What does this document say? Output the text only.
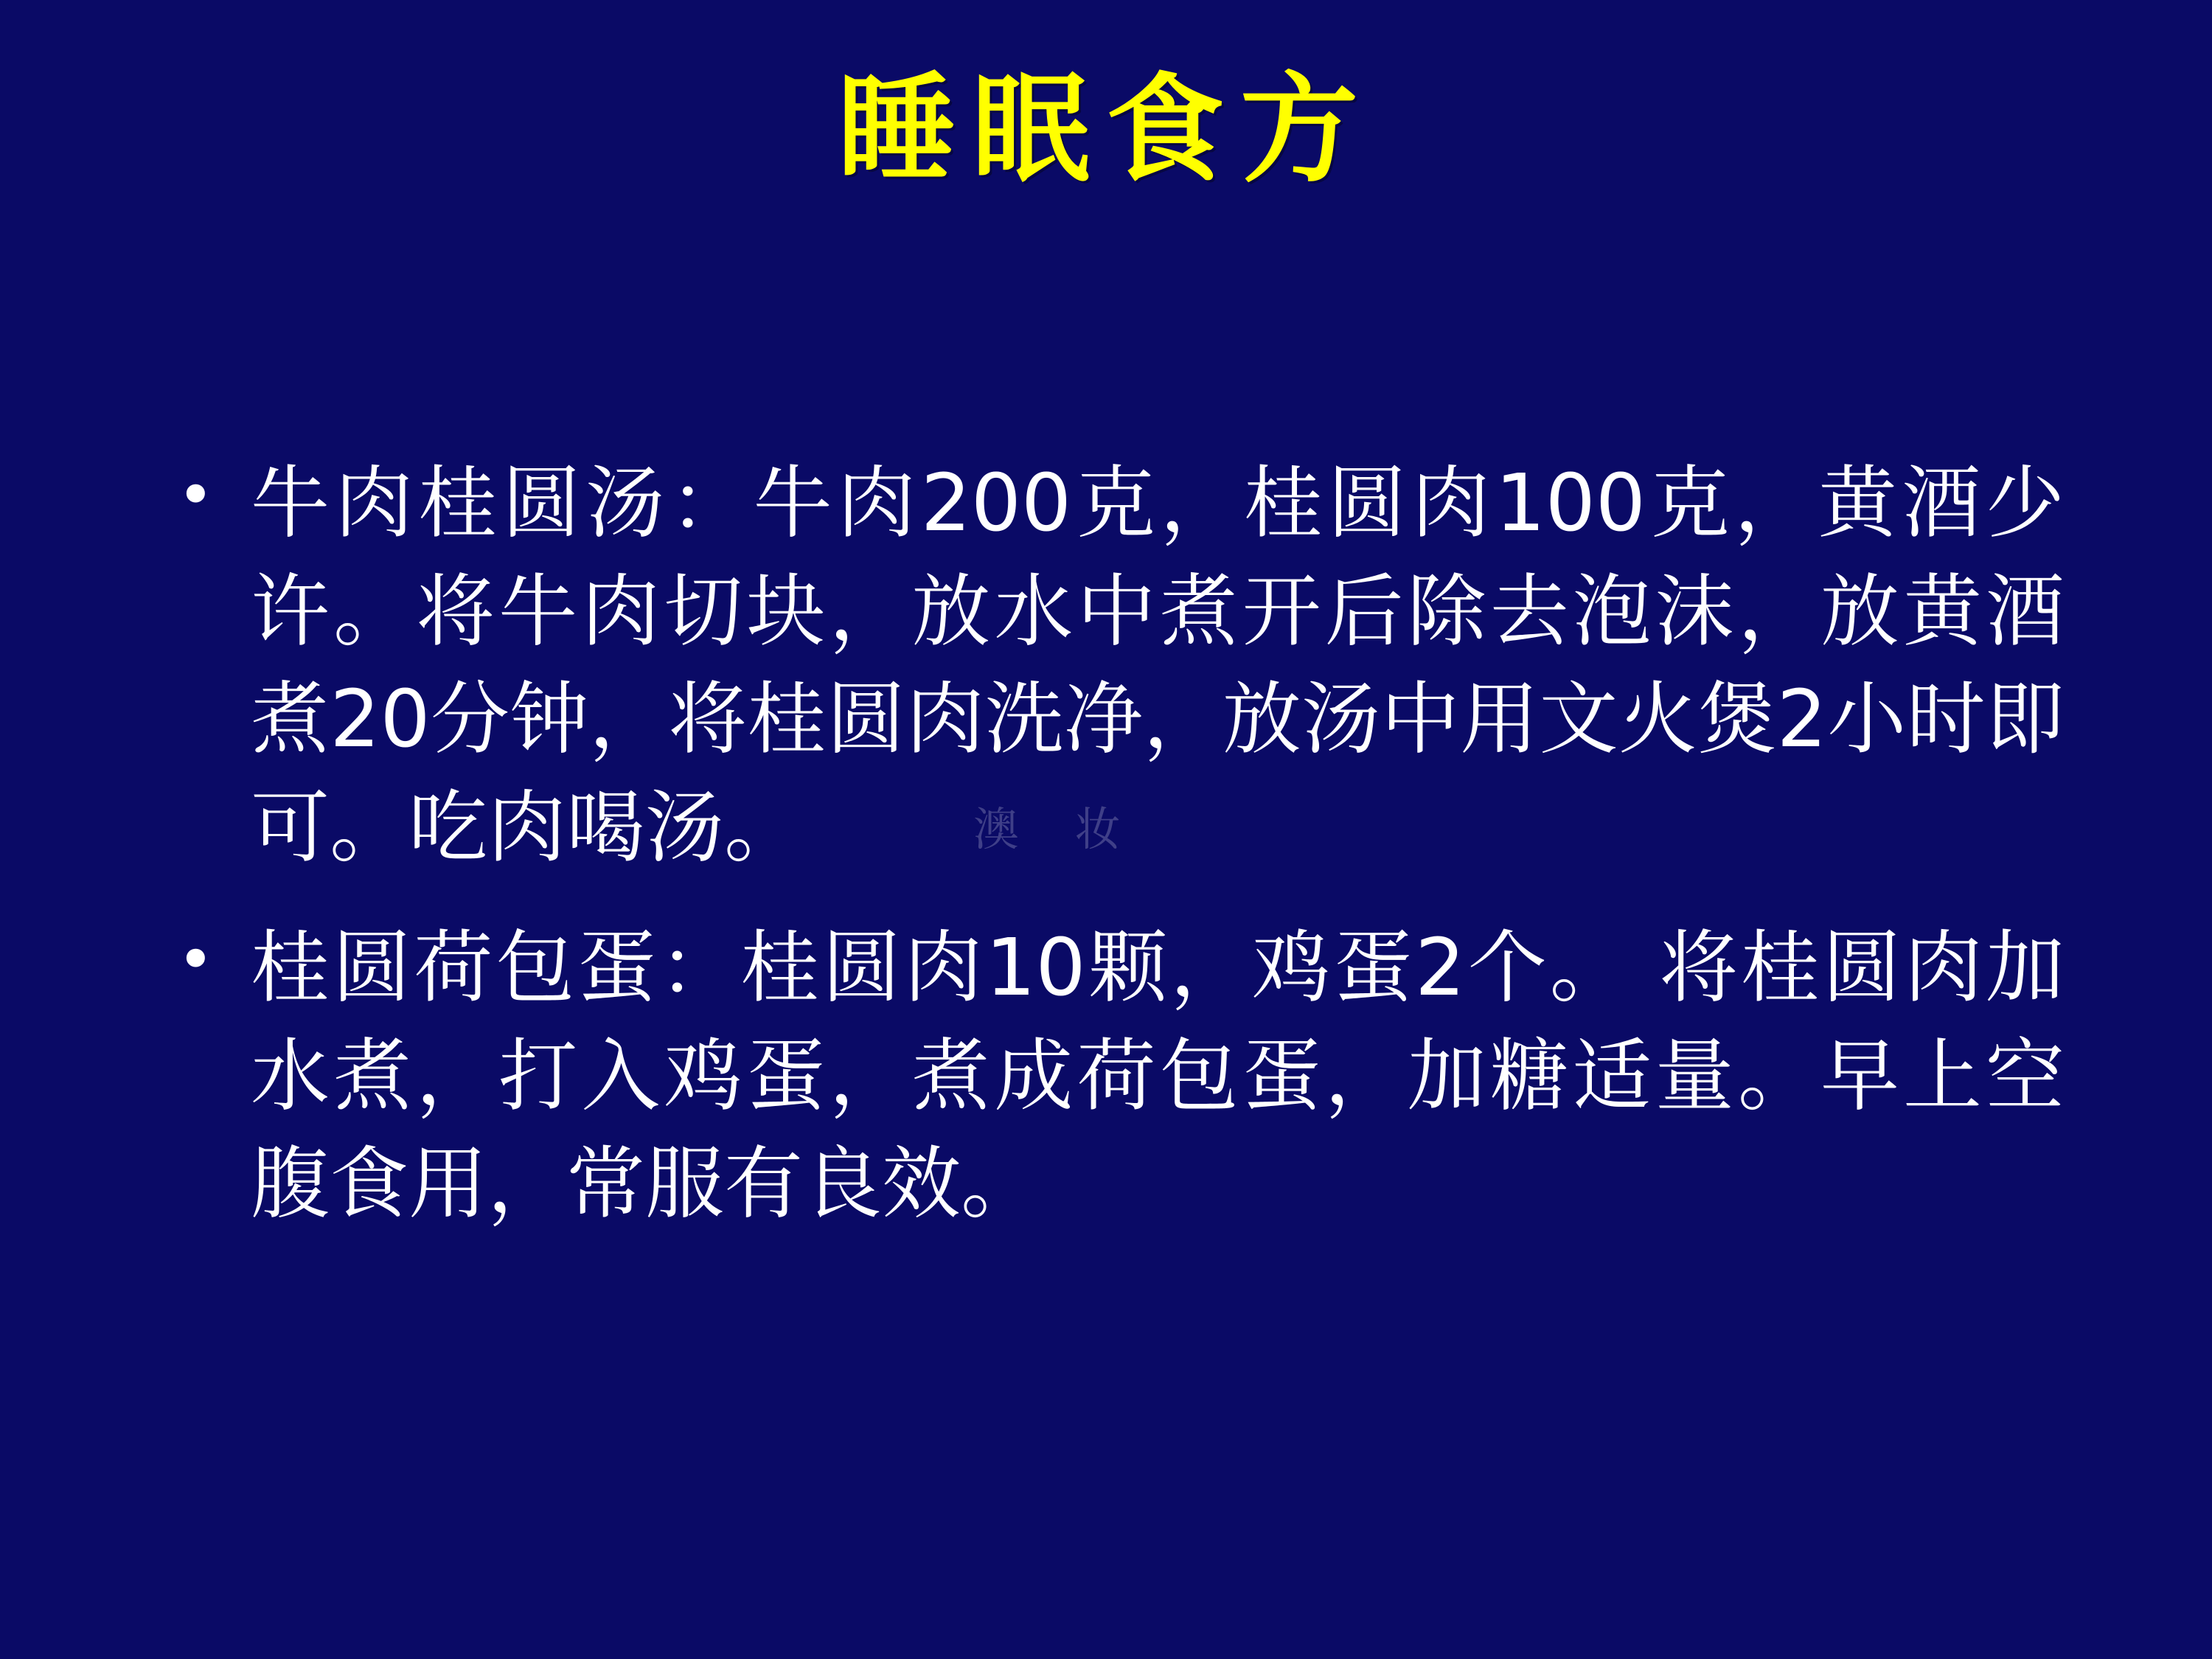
睡眠食方
• 牛肉桂圆汤：牛肉200克，桂圆肉100克，黄酒少许。将牛肉切块，放水中煮开后除去泡沫，放黄酒煮20分钟，将桂圆肉洗净，放汤中用文火煲2小时即可。吃肉喝汤。
• 桂圆荷包蛋：桂圆肉10颗，鸡蛋2个。 将桂圆肉加水煮，打入鸡蛋，煮成荷包蛋，加糖适量。早上空腹食用，常服有良效。
澳 妆
